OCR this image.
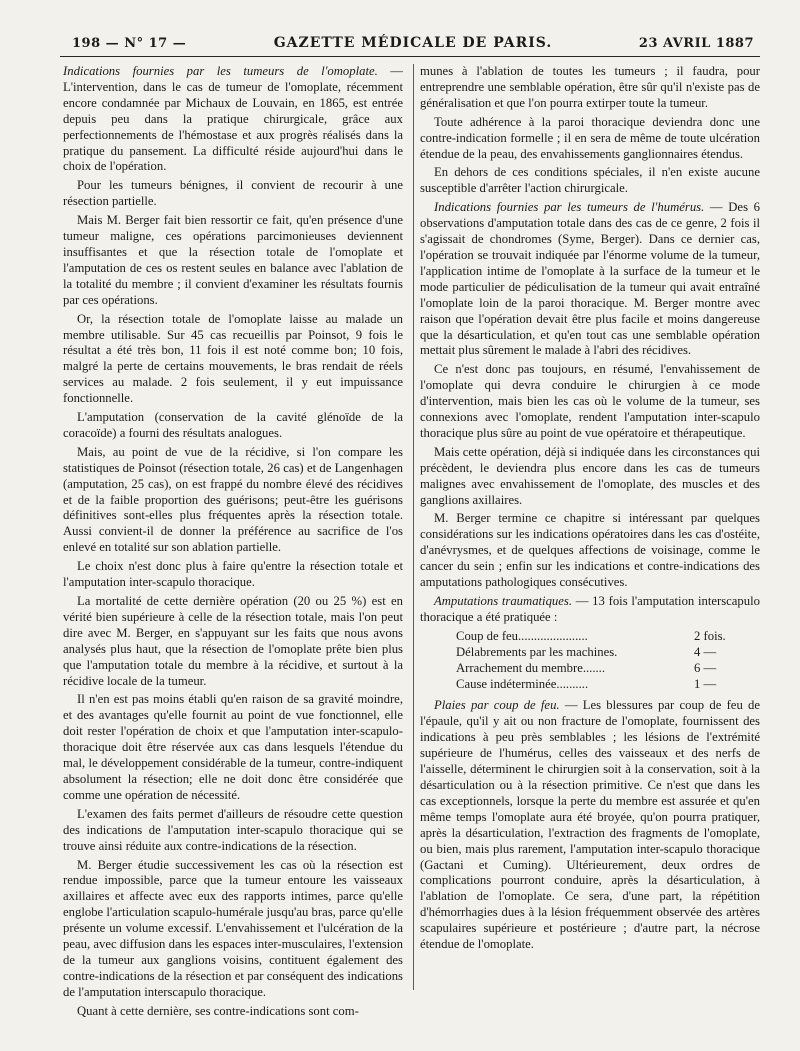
198 — N° 17 —	GAZETTE MÉDICALE DE PARIS.	23 AVRIL 1887

Indications fournies par les tumeurs de l'omoplate. — L'intervention, dans le cas de tumeur de l'omoplate, récemment encore condamnée par Michaux de Louvain, en 1865, est entrée depuis peu dans la pratique chirurgicale, grâce aux perfectionnements de l'hémostase et aux progrès réalisés dans la pratique du pansement. La difficulté réside aujourd'hui dans le choix de l'opération.

Pour les tumeurs bénignes, il convient de recourir à une résection partielle.

Mais M. Berger fait bien ressortir ce fait, qu'en présence d'une tumeur maligne, ces opérations parcimonieuses deviennent insuffisantes et que la résection totale de l'omoplate et l'amputation de ces os restent seules en balance avec l'ablation de la totalité du membre ; il convient d'examiner les résultats fournis par ces opérations.

Or, la résection totale de l'omoplate laisse au malade un membre utilisable. Sur 45 cas recueillis par Poinsot, 9 fois le résultat a été très bon, 11 fois il est noté comme bon; 10 fois, malgré la perte de certains mouvements, le bras rendait de réels services au malade. 2 fois seulement, il y eut impuissance fonctionnelle.

L'amputation (conservation de la cavité glénoïde de la coracoïde) a fourni des résultats analogues.

Mais, au point de vue de la récidive, si l'on compare les statistiques de Poinsot (résection totale, 26 cas) et de Langenhagen (amputation, 25 cas), on est frappé du nombre élevé des récidives et de la faible proportion des guérisons; peut-être les guérisons définitives sont-elles plus fréquentes après la résection totale. Aussi convient-il de donner la préférence au sacrifice de l'os enlevé en totalité sur son ablation partielle.

Le choix n'est donc plus à faire qu'entre la résection totale et l'amputation inter-scapulo thoracique.

La mortalité de cette dernière opération (20 ou 25 %) est en vérité bien supérieure à celle de la résection totale, mais l'on peut dire avec M. Berger, en s'appuyant sur les faits que nous avons analysés plus haut, que la résection de l'omoplate prête bien plus que l'amputation totale du membre à la récidive, et surtout à la récidive locale de la tumeur.

Il n'en est pas moins établi qu'en raison de sa gravité moindre, et des avantages qu'elle fournit au point de vue fonctionnel, elle doit rester l'opération de choix et que l'amputation inter-scapulo-thoracique doit être réservée aux cas dans lesquels l'étendue du mal, le développement considérable de la tumeur, contre-indiquent absolument la résection; elle ne doit donc être considérée que comme une opération de nécessité.

L'examen des faits permet d'ailleurs de résoudre cette question des indications de l'amputation inter-scapulo thoracique qui se trouve ainsi réduite aux contre-indications de la résection.

M. Berger étudie successivement les cas où la résection est rendue impossible, parce que la tumeur entoure les vaisseaux axillaires et affecte avec eux des rapports intimes, parce qu'elle englobe l'articulation scapulo-humérale jusqu'au bras, parce qu'elle présente un volume excessif. L'envahissement et l'ulcération de la peau, avec diffusion dans les espaces inter-musculaires, l'extension de la tumeur aux ganglions voisins, contituent également des contre-indications de la résection et par conséquent des indications de l'amputation interscapulo thoracique.

Quant à cette dernière, ses contre-indications sont com-

munes à l'ablation de toutes les tumeurs ; il faudra, pour entreprendre une semblable opération, être sûr qu'il n'existe pas de généralisation et que l'on pourra extirper toute la tumeur.

Toute adhérence à la paroi thoracique deviendra donc une contre-indication formelle ; il en sera de même de toute ulcération étendue de la peau, des envahissements ganglionnaires étendus.

En dehors de ces conditions spéciales, il n'en existe aucune susceptible d'arrêter l'action chirurgicale.

Indications fournies par les tumeurs de l'humérus. — Des 6 observations d'amputation totale dans des cas de ce genre, 2 fois il s'agissait de chondromes (Syme, Berger). Dans ce dernier cas, l'opération se trouvait indiquée par l'énorme volume de la tumeur, l'application intime de l'omoplate à la surface de la tumeur et le mode particulier de pédiculisation de la tumeur qui avait entraîné l'omoplate loin de la paroi thoracique. M. Berger montre avec raison que l'opération devait être plus facile et moins dangereuse que la désarticulation, et qu'en tout cas une semblable opération mettait plus sûrement le malade à l'abri des récidives.

Ce n'est donc pas toujours, en résumé, l'envahissement de l'omoplate qui devra conduire le chirurgien à ce mode d'intervention, mais bien les cas où le volume de la tumeur, ses connexions avec l'omoplate, rendent l'amputation inter-scapulo thoracique plus sûre au point de vue opératoire et thérapeutique.

Mais cette opération, déjà si indiquée dans les circonstances qui précèdent, le deviendra plus encore dans les cas de tumeurs malignes avec envahissement de l'omoplate, des muscles et des ganglions axillaires.

M. Berger termine ce chapitre si intéressant par quelques considérations sur les indications opératoires dans les cas d'ostéite, d'anévrysmes, et de quelques affections de voisinage, comme le cancer du sein ; enfin sur les indications et contre-indications des amputations pathologiques consécutives.

Amputations traumatiques. — 13 fois l'amputation interscapulo thoracique a été pratiquée :

Coup de feu......................	2 fois.
Délabrements par les machines.	4 —
Arrachement du membre.......	6 —
Cause indéterminée..........	1 —

Plaies par coup de feu. — Les blessures par coup de feu de l'épaule, qu'il y ait ou non fracture de l'omoplate, fournissent des indications à peu près semblables ; les lésions de l'extrémité supérieure de l'humérus, celles des vaisseaux et des nerfs de l'aisselle, déterminent le chirurgien soit à la conservation, soit à la désarticulation ou à la résection primitive. Ce n'est que dans les cas exceptionnels, lorsque la perte du membre est assurée et qu'en même temps l'omoplate aura été broyée, qu'on pourra pratiquer, après la désarticulation, l'extraction des fragments de l'omoplate, ou bien, mais plus rarement, l'amputation inter-scapulo thoracique (Gactani et Cuming). Ultérieurement, deux ordres de complications pourront conduire, après la désarticulation, à l'ablation de l'omoplate. Ce sera, d'une part, la répétition d'hémorrhagies dues à la lésion fréquemment observée des artères scapulaires supérieure et postérieure ; d'autre part, la nécrose étendue de l'omoplate.
